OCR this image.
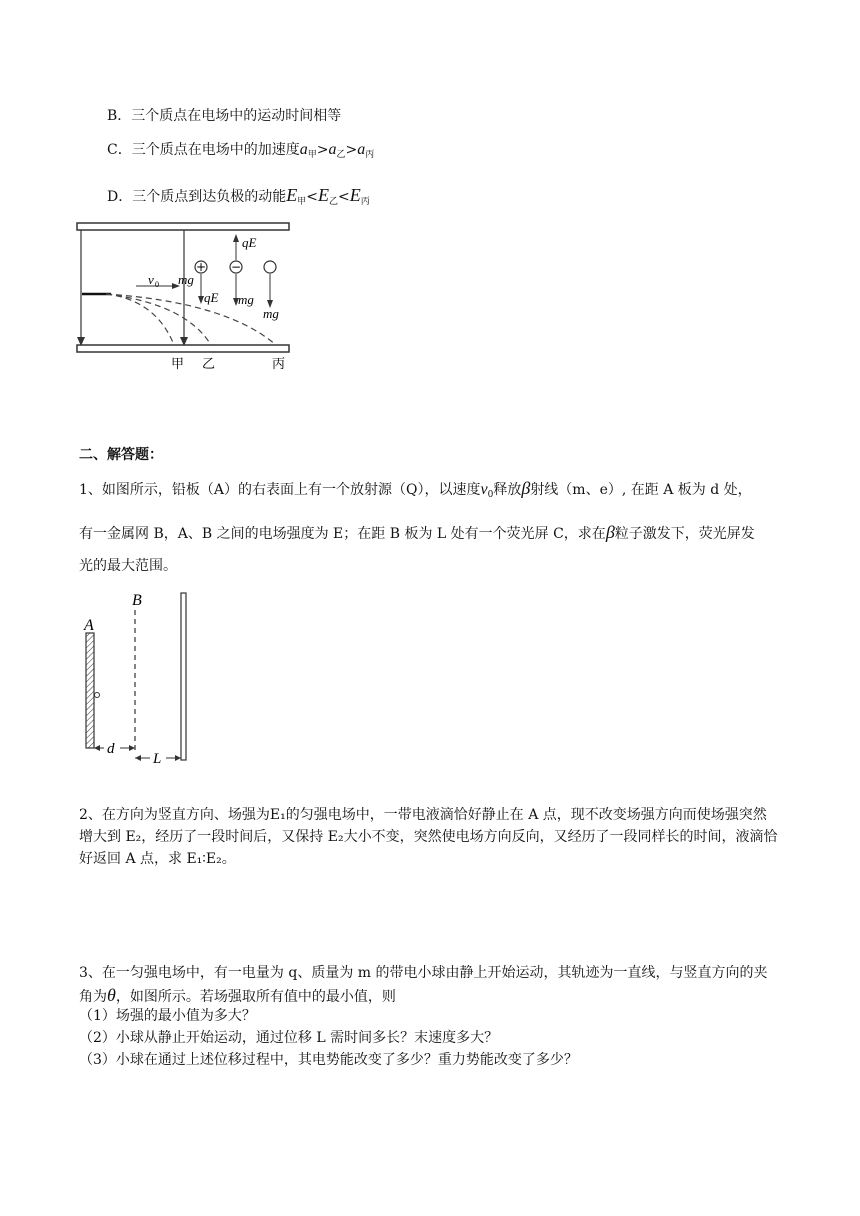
B．三个质点在电场中的运动时间相等
C．三个质点在电场中的加速度$a_甲>a_乙>a_丙$
D．三个质点到达负极的动能$E_甲<E_乙<E_丙$
+ −
qE
v 0 mg
qE mg
mg
甲 乙	丙
二、解答题：
1、如图所示，铅板（A）的右表面上有一个放射源（Q），以速度$v_0$释放β射线（m、e）, 在距 A 板为 d 处，
有一金属网 B，A、B 之间的电场强度为 E；在距 B 板为 L 处有一个荧光屏 C，求在β粒子激发下，荧光屏发
光的最大范围。
A
B
d
L
2、在方向为竖直方向、场强为E₁的匀强电场中，一带电液滴恰好静止在 A 点，现不改变场强方向而使场强突然增大到 E₂，经历了一段时间后，又保持 E₂大小不变，突然使电场方向反向，又经历了一段同样长的时间，液滴恰好返回 A 点，求 E₁∶E₂。
3、在一匀强电场中，有一电量为 q、质量为 m 的带电小球由静上开始运动，其轨迹为一直线，与竖直方向的夹角为θ，如图所示。若场强取所有值中的最小值，则
（1）场强的最小值为多大？
（2）小球从静止开始运动，通过位移 L 需时间多长？末速度多大？
（3）小球在通过上述位移过程中，其电势能改变了多少？重力势能改变了多少？
